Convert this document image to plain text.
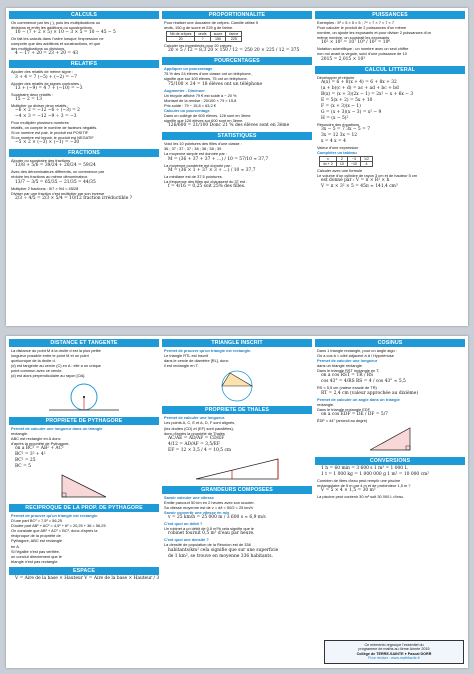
CALCULS
On commence par les ( ), puis les multiplications ou
divisions et enfin les additions ou soustractions.
10 − (7 + 2 × 5) × 10 − 3 × 5 = 10 − 45 − 5
On fait les calculs dans l'ordre lorsque l'expression ne
comporte que des additions et soustractions, et que
des multiplications ou divisions.
4 − 17 + 20 = 23 + 20 = 43
RELATIFS
Ajouter des relatifs de même signe :
3 + 4 = 7 (−5) + (−2) = −7
Ajouter des relatifs de signes contraires :
13 + (−9) = 4 7 + (−10) = −3
Soustraire deux relatifs :
15 − 2 = 13
Multiplier ou diviser deux relatifs :
−6 × 2 = −12 −6 ÷ (−3) = 2
−4 × 3 = −12 −9 ÷ 3 = −3
Pour multiplier plusieurs nombres
relatifs, on compte le nombre de facteurs négatifs.
Si ce nombre est pair, le produit est POSITIF
Si ce nombre est impair, le produit est NEGATIF
−5 × 2 × (−3) × (−1) = −30
FRACTIONS
Ajouter ou soustraire des fractions
13/8 + 5/6 = 39/24 + 20/24 = 59/24
Avec des dénominateurs différents, on commence par
réduire les fractions au même dénominateur.
13/7 − 3/5 = 65/35 − 21/35 = 44/35
Multiplier 2 fractions : 5/7 × 9/4 = 45/28
Diviser par une fraction c'est multiplier par son inverse
2/3 ÷ 4/5 = 2/3 × 5/4 = 10/12 fraction irréductible ?
PROPORTIONNALITE
Pour réaliser une douzaine de crêpes. Camille utilise 5
œufs, 150 g de sucre et 225 g de farine.
Nb de crêpes	œufs	sucre	farine
20	?	150	225
Calculer les ingrédients pour 20 crêpes.
20 × 5 / 12 = 8,3 20 × 150 / 12 = 250 20 × 225 / 12 = 375
POURCENTAGES
Appliquer un pourcentage
75 % des 24 élèves d'une classe ont un téléphone,
signifie que sur 100 élèves, 75 ont un téléphone.
75/100 × 24 = 18 élèves ont un téléphone
Augmenter - Diminuer
Un tricycle affiché 79 € est soldé à − 20 %
Montant de la remise : 20/100 × 79 = 15,8
Prix soldé : 79 − 15,8 = 63,2 €
Calculer un pourcentage
Dans un collège de 600 élèves, 126 sont en 3ème
signifie que 126 élèves sur 600 sont en 3ème.
126/600 = 21/100 Donc 21 % des élèves sont en 3ème
STATISTIQUES
Voici les 10 pointures des filles d'une classe :
36 ; 37 ; 37 ; 37 ; 38 ; 38 ; 38 ; 39
La moyenne simple est donnée par :
M = (36 + 37 + 37 + …) / 10 = 57/10 ≈ 37,7
La moyenne pondérée est donnée par :
M = (36 × 1 + 37 × 3 + …) / 10 ≈ 37,7
La médiane est de 37,5 pointures.
La fréquence des filles qui chaussent du 37 est :
f = 4/16 = 0,25 soit 25% des filles.
PUISSANCES
Exemples : 5³ = 5 × 5 × 5 ; 7⁴ = 7 × 7 × 7 × 7
Pour calculer le produit de 2 puissances d'un même
nombre, on ajoute les exposants et pour diviser 2 puissances d'un
même nombre, on soustrait les exposants
10² × 10⁵ = 10⁷ 10⁹ / 10³ = 10⁶
Notation scientifique : un nombre avec un seul chiffre
non nul avant la virgule, suivi d'une puissance de 10
2015 = 2,015 × 10³
CALCUL LITTERAL
Développer et réduire
A(x) = 6 + 8(x + 4) = 6 + 8x + 32
(a + b)(c + d) = ac + ad + bc + bd
B(x) = (x + 3)(2x − 1) = 2x² − x + 6x − 3
E = 5(x + 2) = 5x + 10
F = (x + 3)(x − 1)
G = (x + 3)(x − 3) = x² − 9
H = (x − 5)²
Résoudre des équations
3x − 5 = 7 3x − 5 = 7
3x = 12 3x = 12
x = 4 x = 4
Valeur d'une expression
Compléter un tableau
x	2	−3	1/2
4x + 2	10	−10	4
Calculer avec une formule
Le volume d'un cylindre de rayon 3 cm et de hauteur 5 cm
est donné par : V = π × R² × h
V = π × 3² × 5 = 45π ≈ 141,4 cm³
DISTANCE ET TANGENTE
La distance du point M à la droite d est la plus petite
longueur possible entre le point M et un point
quelconque de la droite d.
(d) est tangente au cercle (C) en A : elle a un unique
point commun avec ce cercle.
(d) est alors perpendiculaire au rayon [OA].
PROPRIETE DE PYTHAGORE
Permet de calculer une longueur dans un triangle
rectangle.
ABC est rectangle en A donc
d'après la propriété de Pythagore,
on a BC² = AB² + AC²
BC² = 3² + 4²
BC² = 25
BC = 5
RECIPROQUE DE LA PROP. DE PYTHAGORE
Permet de prouver qu'un triangle est rectangle.
D'une part BC² = 7,5² = 56,25
D'autre part AB² + AC² = 4,5² + 6² = 20,25 + 36 = 56,25
On constate que AB² + AC² = BC², donc d'après la
réciproque de la propriété de
Pythagore, ABC est rectangle
en A.
Si l'égalité n'est pas vérifiée,
on conclut directement que le
triangle n'est pas rectangle.
ESPACE
V = Aire de la base × Hauteur V = Aire de la base × Hauteur / 3
TRIANGLE INSCRIT
Permet de prouver qu'un triangle est rectangle.
Le triangle RTL est inscrit
dans le cercle de diamètre [RL], donc
il est rectangle en T.
PROPRIETE DE THALES
Permet de calculer une longueur.
Les points A, C, E et A, D, F sont alignés,
(les droites (CD) et (EF) sont parallèles),
donc d'après la propriété de Thalès
AC/AE = AD/AF = CD/EF
4/12 = AD/AF = 3,5/EF
EF = 12 × 3,5 / 4 = 10,5 cm
GRANDEURS COMPOSEES
Savoir calculer une vitesse
Emilie parcourt 50 km en 2 heures avec son scooter.
Sa vitesse moyenne est de v = d/t = 50/2 = 25 km/h
Savoir convertir une vitesse en m/s
v = 25 km/h = 25 000 m / 3 600 s ≈ 6,9 m/s
C'est quoi un débit ?
Un robinet a un débit de 0,5 m³/h cela signifie que le
robinet fournit 0,5 m³ d'eau par heure.
C'est quoi une densité ?
La densité de population de la Réunion est de 336
habitants/km² cela signifie que sur une superficie
de 1 km², se trouve en moyenne 336 habitants.
COSINUS
Dans 1 triangle rectangle, pour un angle aigu :
On a cos â = côté adjacent à â / Hypoténuse
Permet de calculer une longueur
dans un triangle rectangle.
Dans le triangle RST rectangle en T,
on a cos R̂ST = TR / RS
cos 43° = 4/RS RS = 4 / cos 43° ≈ 5,5
RS ≈ 5,5 cm (valeur exacte de TR)
RT = 2,4 cm (valeur approchée au dixième)
Permet de calculer un angle dans un triangle
rectangle.
Dans le triangle rectangle EDF,
on a cos ÊDF = DE / DF = 5/7
ÊDF ≈ 44° (arrondi au degré)
CONVERSIONS
1 h = 60 min = 3 600 s 1 m³ = 1 000 L
1 t = 1 000 kg = 1 000 000 g 1 m² = 10 000 cm²
Combien de litres d'eau peut remplir une piscine
rectangulaire de 5 m par 4 m et de profondeur 1,5 m ?
V = 5 × 4 × 1,5 = 30 m³
La piscine peut contenir 30 m³ soit 30 000 L d'eau.
Ce mémento regroupe l'essentiel du
programme de maths au 4ème Année 2015
Collège de TERRE-SAINTE ● Pascal DORR
Pour réviser : www.mathfacile.fr
